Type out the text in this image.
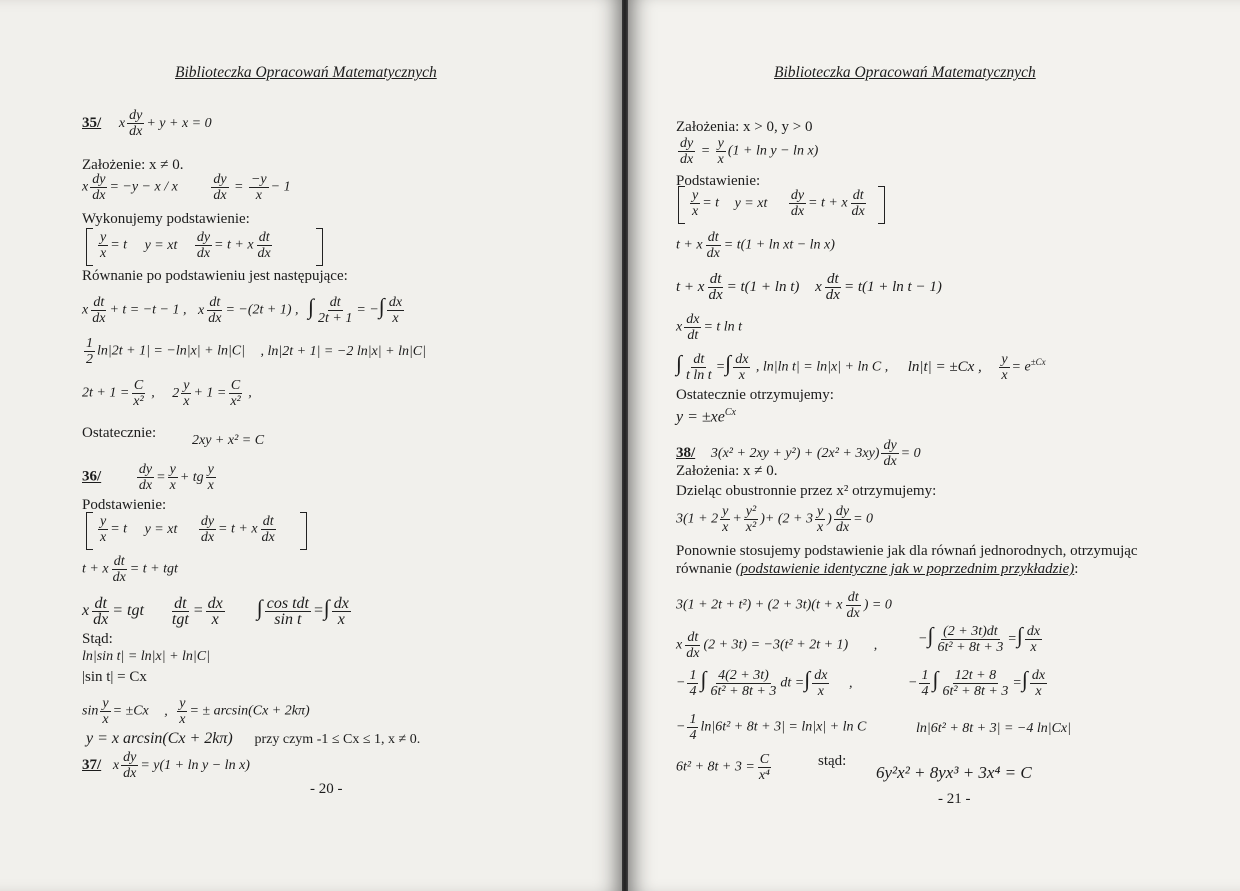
Biblioteczka Opracowań Matematycznych
35/ x $\frac{dy}{dx} + y + x = 0$
Założenie: x ≠ 0.
x $\frac{dy}{dx} = -y - x / x \frac{dy}{dx} = \frac{-y}{x} - 1$
Wykonujemy podstawienie:
$\frac{y}{x} = t$ y = xt $\frac{dy}{dx} = t + x \frac{dt}{dx}$
Równanie po podstawieniu jest następujące:
x $\frac{dt}{dx} + t = -t - 1$ , x $\frac{dt}{dx} = -(2t + 1)$ , ∫ $\frac{dt}{2t + 1}$ = −∫ $\frac{dx}{x}$
$\frac{1}{2} \ln|2t + 1| = -\ln|x| + \ln|C|$ , ln|2t + 1| = −2 ln|x| + ln|C|
$2t + 1 = \frac{C}{\text{x²}}$ , $2 \frac{y}{x} + 1 = \frac{C}{\text{x²}}$ ,
Ostatecznie:	2xy + x² = C
36/	$\frac{dy}{dx} = \frac{y}{x}$ + tg $\frac{y}{x}$
Podstawienie:
$\frac{y}{x} = t$ y = xt $\frac{dy}{dx} = t + x \frac{dt}{dx}$
t + x $\frac{dt}{dx} = t$ + tgt
x $\frac{dt}{dx}$ = tgt $\frac{dt}{\text{tgt}} = \frac{dx}{x}$ ∫ $\frac{\text{cos tdt}}{\text{sin t}}$ =∫ $\frac{dx}{x}$
Stąd:
ln|sin t| = ln|x| + ln|C|
|sin t| = Cx
$\sin \frac{y}{x} = \pm Cx$ , $\frac{y}{x}$ = ± arcsin(Cx + 2kπ)
y = x arcsin(Cx + 2kπ) przy czym -1 ≤ Cx ≤ 1, x ≠ 0.
37/ x $\frac{dy}{dx} = y(1 + \ln y - \ln x)$
- 20 -
Biblioteczka Opracowań Matematycznych
Założenia: x > 0, y > 0
$\frac{dy}{dx} = \frac{y}{x} (1 + \ln y - \ln x)$
Podstawienie:
$\frac{y}{x} = t$ y = xt $\frac{dy}{dx} = t + x \frac{dt}{dx}$
t + x $\frac{dt}{dx} = t(1 + \ln$ xt − ln x)
t + x $\frac{dt}{dx} = t(1 + \ln t)$ x $\frac{dt}{dx} = t(1 + \ln t - 1)$
x $\frac{dx}{dt} = t$ ln t
∫ $\frac{dt}{\text{t ln t}}$ =∫ $\frac{dx}{x}$ , ln|ln t| = ln|x| + ln C , ln|t| = ±Cx , $\frac{y}{x} = e^{\pm Cx}$
Ostatecznie otrzymujemy:
$y = \pm xe^{Cx}$
38/ $3(x^2 + 2xy + y^2) + (2x^2 + 3xy) \frac{dy}{dx} = 0$
Założenia: x ≠ 0.
Dzieląc obustronnie przez x² otrzymujemy:
$3(1 + 2 \frac{y}{x} + \frac{\text{y²}}{\text{x²}}$ )+ ($2 + 3 \frac{y}{x}$ ) $\frac{dy}{dx} = 0$
Ponownie stosujemy podstawienie jak dla równań jednorodnych, otrzymując
równanie (podstawienie identyczne jak w poprzednim przykładzie):
3(1 + 2t + t²) + (2 + 3t)(t + x $\frac{dt}{dx}$ ) = 0
x $\frac{dt}{dx} (2 + 3t) = -3(t^2 + 2t + 1)$ ,	−∫ $\frac{(2 + 3t)dt}{\text{6t² + 8t + 3}}$ =∫ $\frac{dx}{x}$
− $\frac{1}{4}$ ∫ $\frac{4(2 + 3t)}{\text{6t² + 8t + 3}}$ dt =∫ $\frac{dx}{x}$ ,	− $\frac{1}{4}$ ∫ $\frac{12t + 8}{\text{6t² + 8t + 3}}$ =∫ $\frac{dx}{x}$
− $\frac{1}{4} \ln|6t^2 + 8t + 3| = \ln|x| + \ln C$	ln|6t² + 8t + 3| = −4 ln|Cx|
$6t^2 + 8t + 3 = \frac{C}{\text{x⁴}}$	stąd:
6y²x² + 8yx³ + 3x⁴ = C
- 21 -
